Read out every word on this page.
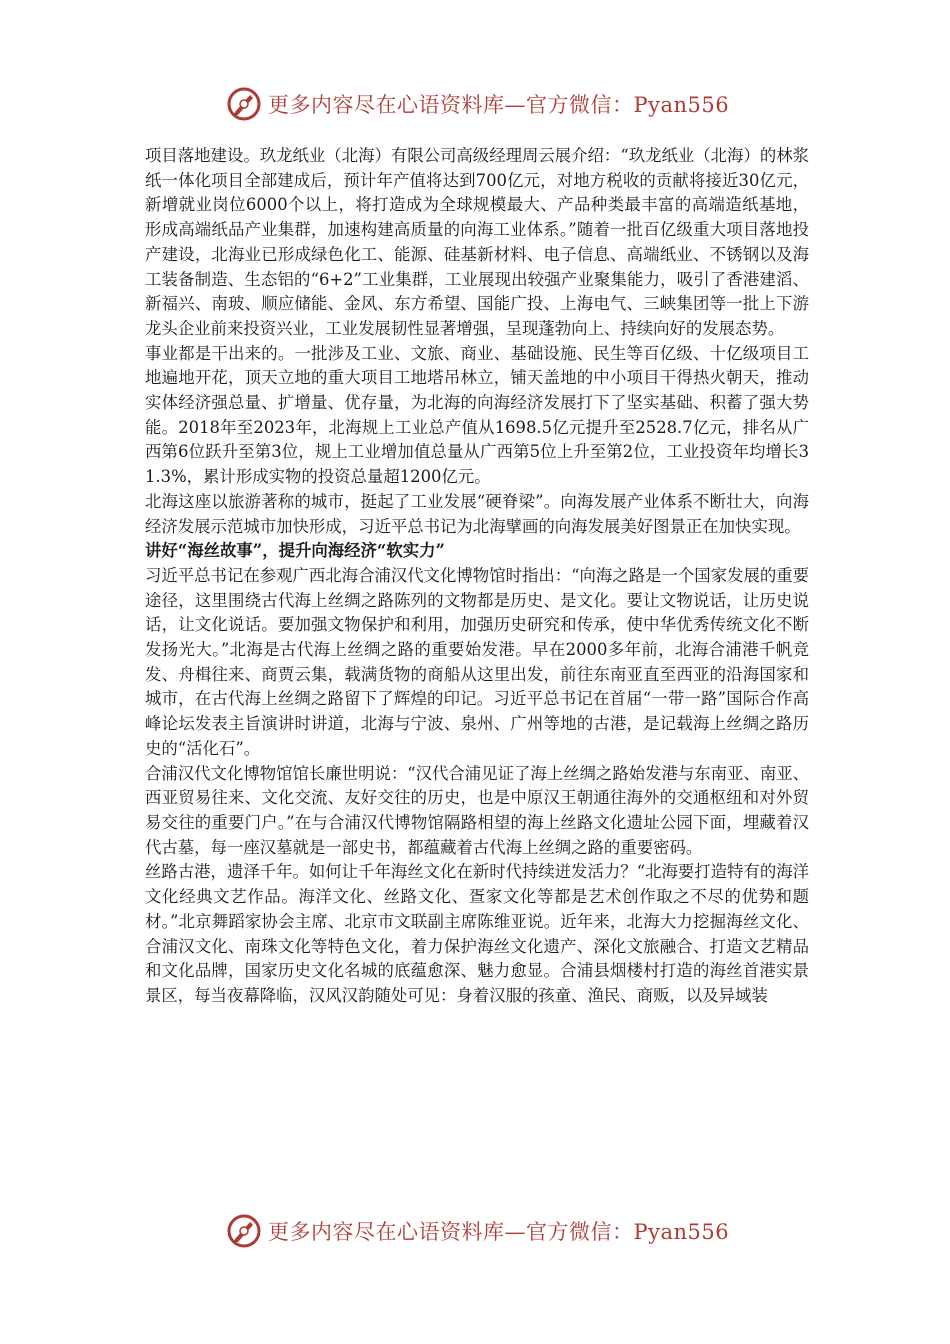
更多内容尽在心语资料库—官方微信：Pyan556

项目落地建设。玖龙纸业（北海）有限公司高级经理周云展介绍：“玖龙纸业（北海）的林浆纸一体化项目全部建成后，预计年产值将达到700亿元，对地方税收的贡献将接近30亿元，新增就业岗位6000个以上，将打造成为全球规模最大、产品种类最丰富的高端造纸基地，形成高端纸品产业集群，加速构建高质量的向海工业体系。”随着一批百亿级重大项目落地投产建设，北海业已形成绿色化工、能源、硅基新材料、电子信息、高端纸业、不锈钢以及海工装备制造、生态铝的“6+2”工业集群，工业展现出较强产业聚集能力，吸引了香港建滔、新福兴、南玻、顺应储能、金风、东方希望、国能广投、上海电气、三峡集团等一批上下游龙头企业前来投资兴业，工业发展韧性显著增强，呈现蓬勃向上、持续向好的发展态势。

事业都是干出来的。一批涉及工业、文旅、商业、基础设施、民生等百亿级、十亿级项目工地遍地开花，顶天立地的重大项目工地塔吊林立，铺天盖地的中小项目干得热火朝天，推动实体经济强总量、扩增量、优存量，为北海的向海经济发展打下了坚实基础、积蓄了强大势能。2018年至2023年，北海规上工业总产值从1698.5亿元提升至2528.7亿元，排名从广西第6位跃升至第3位，规上工业增加值总量从广西第5位上升至第2位，工业投资年均增长31.3%，累计形成实物的投资总量超1200亿元。

北海这座以旅游著称的城市，挺起了工业发展“硬脊梁”。向海发展产业体系不断壮大，向海经济发展示范城市加快形成，习近平总书记为北海擘画的向海发展美好图景正在加快实现。

讲好“海丝故事”，提升向海经济“软实力”

习近平总书记在参观广西北海合浦汉代文化博物馆时指出：“向海之路是一个国家发展的重要途径，这里围绕古代海上丝绸之路陈列的文物都是历史、是文化。要让文物说话，让历史说话，让文化说话。要加强文物保护和利用，加强历史研究和传承，使中华优秀传统文化不断发扬光大。”北海是古代海上丝绸之路的重要始发港。早在2000多年前，北海合浦港千帆竞发、舟楫往来、商贾云集，载满货物的商船从这里出发，前往东南亚直至西亚的沿海国家和城市，在古代海上丝绸之路留下了辉煌的印记。习近平总书记在首届“一带一路”国际合作高峰论坛发表主旨演讲时讲道，北海与宁波、泉州、广州等地的古港，是记载海上丝绸之路历史的“活化石”。

合浦汉代文化博物馆馆长廉世明说：“汉代合浦见证了海上丝绸之路始发港与东南亚、南亚、西亚贸易往来、文化交流、友好交往的历史，也是中原汉王朝通往海外的交通枢纽和对外贸易交往的重要门户。”在与合浦汉代博物馆隔路相望的海上丝路文化遗址公园下面，埋藏着汉代古墓，每一座汉墓就是一部史书，都蕴藏着古代海上丝绸之路的重要密码。

丝路古港，遗泽千年。如何让千年海丝文化在新时代持续迸发活力？“北海要打造特有的海洋文化经典文艺作品。海洋文化、丝路文化、疍家文化等都是艺术创作取之不尽的优势和题材。”北京舞蹈家协会主席、北京市文联副主席陈维亚说。近年来，北海大力挖掘海丝文化、合浦汉文化、南珠文化等特色文化，着力保护海丝文化遗产、深化文旅融合、打造文艺精品和文化品牌，国家历史文化名城的底蕴愈深、魅力愈显。合浦县烟楼村打造的海丝首港实景景区，每当夜幕降临，汉风汉韵随处可见：身着汉服的孩童、渔民、商贩，以及异域装

更多内容尽在心语资料库—官方微信：Pyan556
